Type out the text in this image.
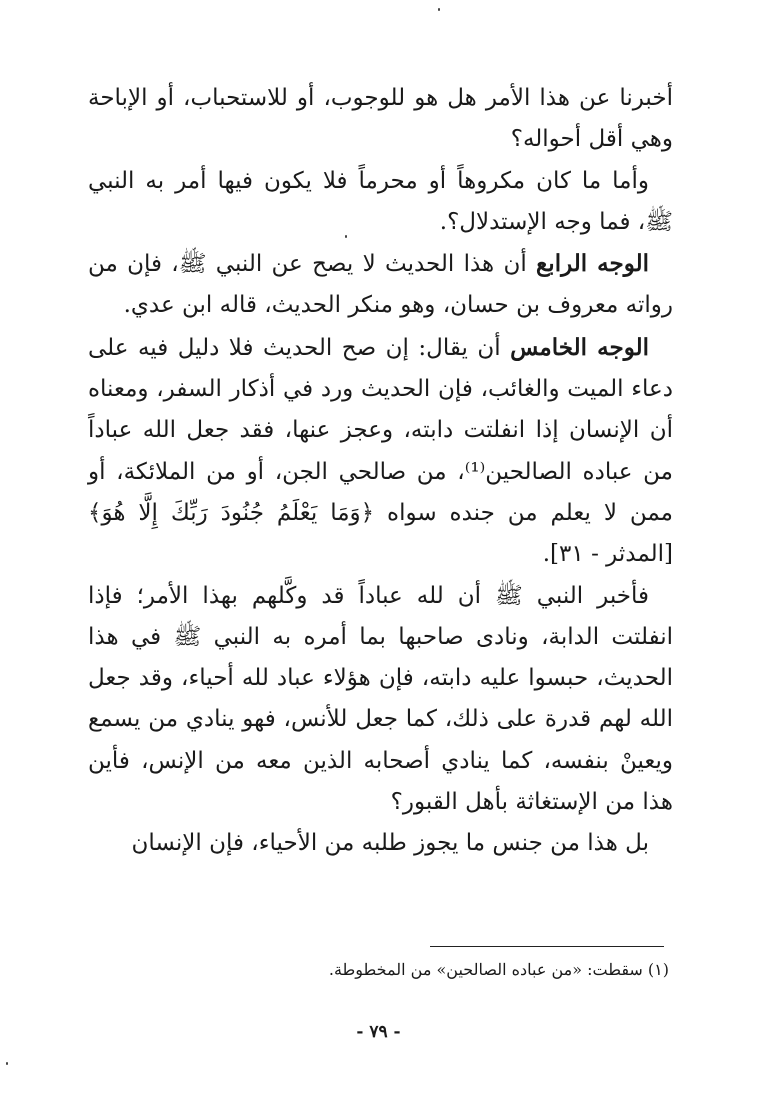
أخبرنا عن هذا الأمر هل هو للوجوب، أو للاستحباب، أو الإباحة وهي أقل أحواله؟

وأما ما كان مكروهاً أو محرماً فلا يكون فيها أمر به النبي ﷺ، فما وجه الإستدلال؟.

الوجه الرابع أن هذا الحديث لا يصح عن النبي ﷺ، فإن من رواته معروف بن حسان، وهو منكر الحديث، قاله ابن عدي.

الوجه الخامس أن يقال: إن صح الحديث فلا دليل فيه على دعاء الميت والغائب، فإن الحديث ورد في أذكار السفر، ومعناه أن الإنسان إذا انفلتت دابته، وعجز عنها، فقد جعل الله عباداً من عباده الصالحين⁽¹⁾، من صالحي الجن، أو من الملائكة، أو ممن لا يعلم من جنده سواه ﴿وَمَا يَعْلَمُ جُنُودَ رَبِّكَ إِلَّا هُوَ﴾ [المدثر - ٣١].

فأخبر النبي ﷺ أن لله عباداً قد وكَّلهم بهذا الأمر؛ فإذا انفلتت الدابة، ونادى صاحبها بما أمره به النبي ﷺ في هذا الحديث، حبسوا عليه دابته، فإن هؤلاء عباد لله أحياء، وقد جعل الله لهم قدرة على ذلك، كما جعل للأنس، فهو ينادي من يسمع ويعينْ بنفسه، كما ينادي أصحابه الذين معه من الإنس، فأين هذا من الإستغاثة بأهل القبور؟

بل هذا من جنس ما يجوز طلبه من الأحياء، فإن الإنسان

(١) سقطت: «من عباده الصالحين» من المخطوطة.
- ٧٩ -
